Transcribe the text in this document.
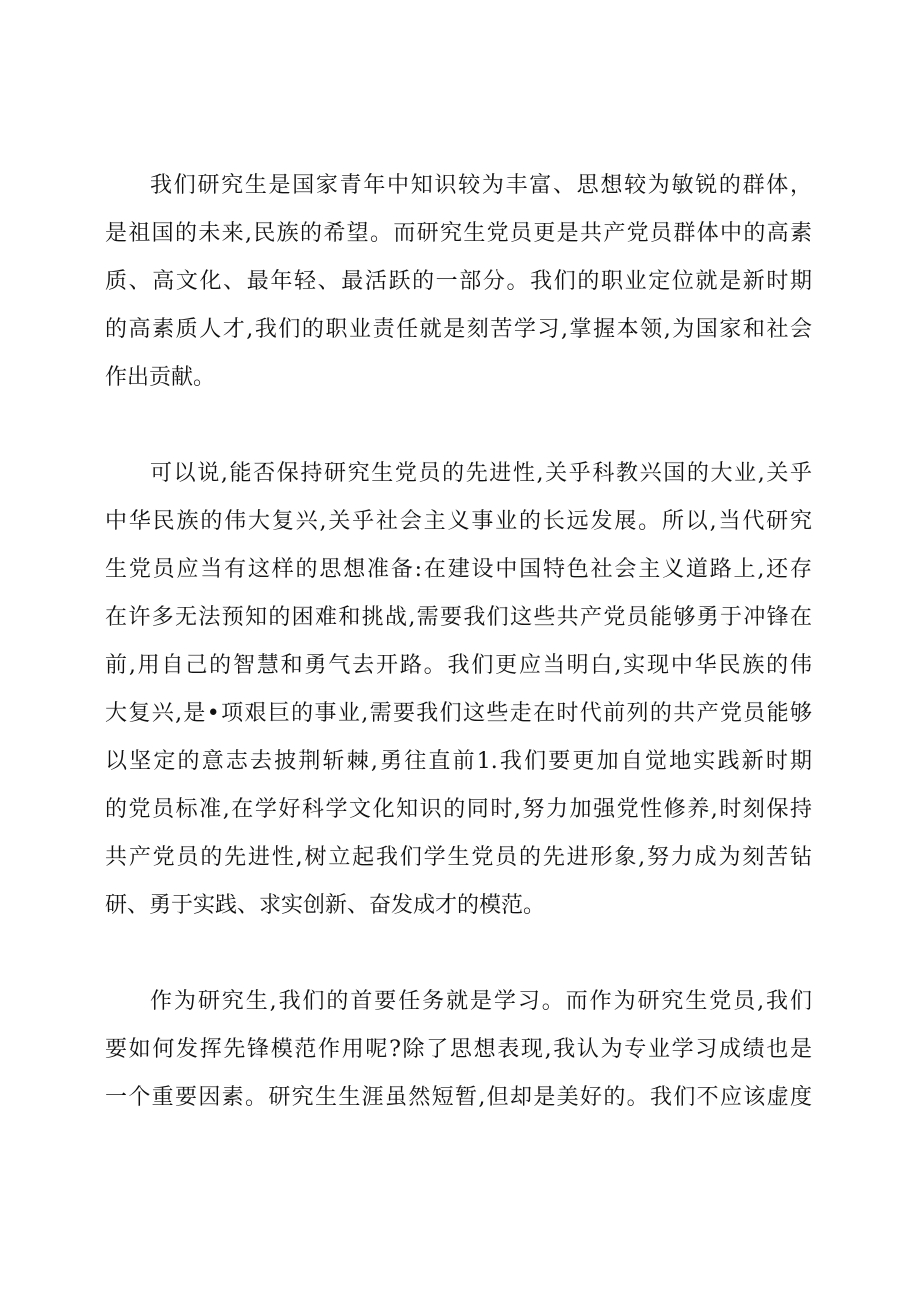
我们研究生是国家青年中知识较为丰富、思想较为敏锐的群体，
是祖国的未来,民族的希望。而研究生党员更是共产党员群体中的高素
质、高文化、最年轻、最活跃的一部分。我们的职业定位就是新时期
的高素质人才,我们的职业责任就是刻苦学习,掌握本领,为国家和社会
作出贡献。
可以说,能否保持研究生党员的先进性,关乎科教兴国的大业,关乎
中华民族的伟大复兴,关乎社会主义事业的长远发展。所以,当代研究
生党员应当有这样的思想准备:在建设中国特色社会主义道路上,还存
在许多无法预知的困难和挑战,需要我们这些共产党员能够勇于冲锋在
前,用自己的智慧和勇气去开路。我们更应当明白,实现中华民族的伟
大复兴,是•项艰巨的事业,需要我们这些走在时代前列的共产党员能够
以坚定的意志去披荆斩棘,勇往直前1.我们要更加自觉地实践新时期
的党员标准,在学好科学文化知识的同时,努力加强党性修养,时刻保持
共产党员的先进性,树立起我们学生党员的先进形象,努力成为刻苦钻
研、勇于实践、求实创新、奋发成才的模范。
作为研究生,我们的首要任务就是学习。而作为研究生党员,我们
要如何发挥先锋模范作用呢?除了思想表现,我认为专业学习成绩也是
一个重要因素。研究生生涯虽然短暂,但却是美好的。我们不应该虚度
